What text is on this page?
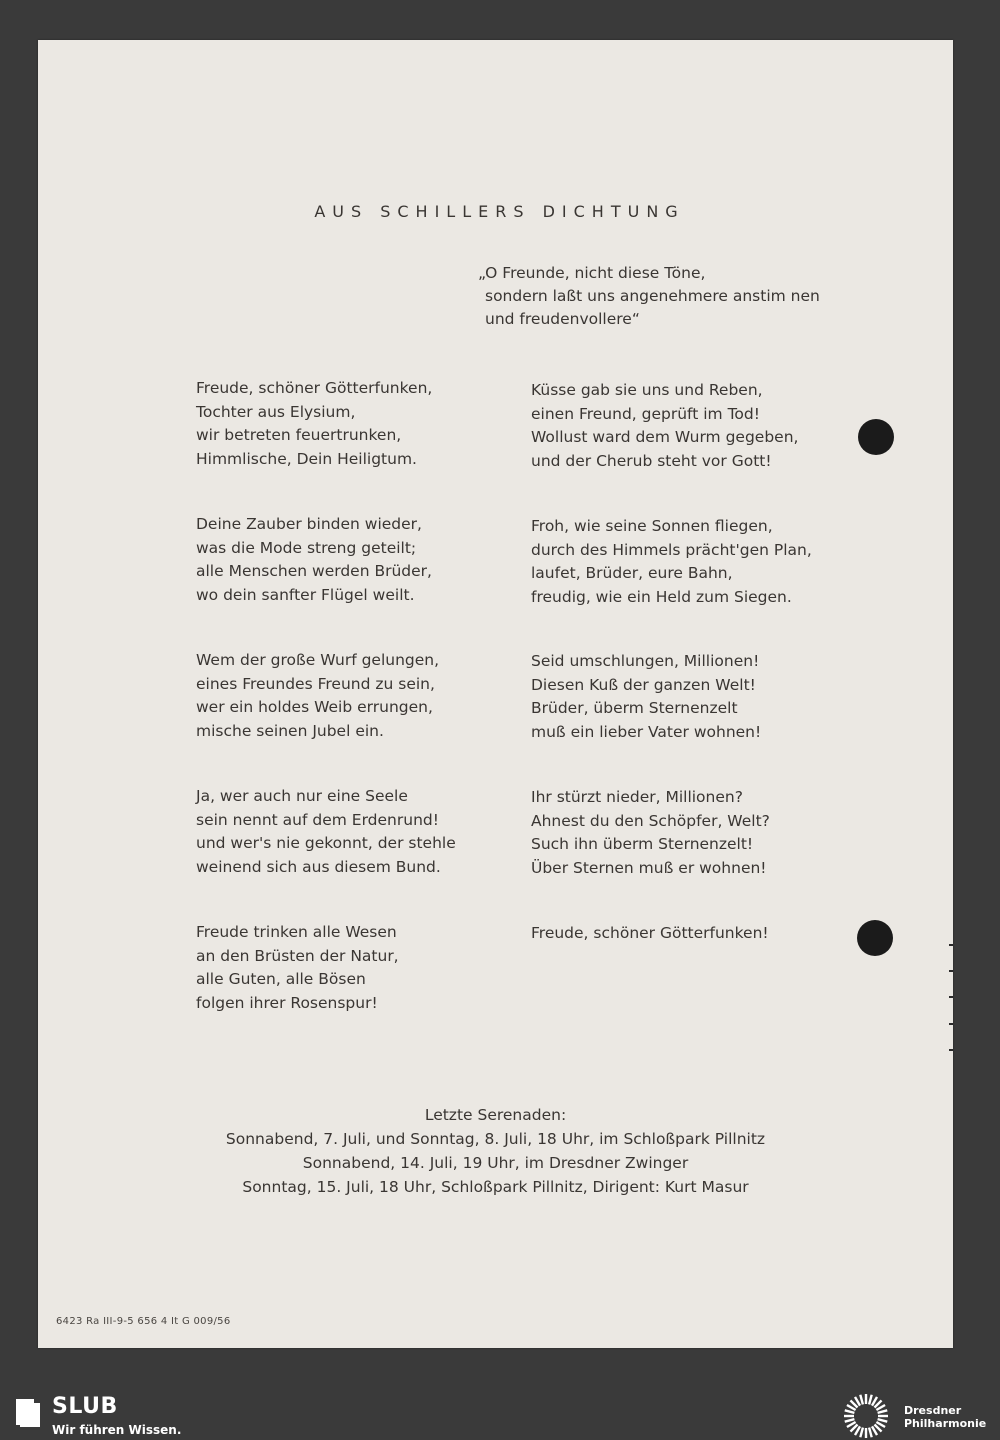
AUS SCHILLERS DICHTUNG
„O Freunde, nicht diese Töne,
sondern laßt uns angenehmere anstim nen
und freudenvollere“
Freude, schöner Götterfunken,
Tochter aus Elysium,
wir betreten feuertrunken,
Himmlische, Dein Heiligtum.
Deine Zauber binden wieder,
was die Mode streng geteilt;
alle Menschen werden Brüder,
wo dein sanfter Flügel weilt.
Wem der große Wurf gelungen,
eines Freundes Freund zu sein,
wer ein holdes Weib errungen,
mische seinen Jubel ein.
Ja, wer auch nur eine Seele
sein nennt auf dem Erdenrund!
und wer's nie gekonnt, der stehle
weinend sich aus diesem Bund.
Freude trinken alle Wesen
an den Brüsten der Natur,
alle Guten, alle Bösen
folgen ihrer Rosenspur!
Küsse gab sie uns und Reben,
einen Freund, geprüft im Tod!
Wollust ward dem Wurm gegeben,
und der Cherub steht vor Gott!
Froh, wie seine Sonnen fliegen,
durch des Himmels prächt'gen Plan,
laufet, Brüder, eure Bahn,
freudig, wie ein Held zum Siegen.
Seid umschlungen, Millionen!
Diesen Kuß der ganzen Welt!
Brüder, überm Sternenzelt
muß ein lieber Vater wohnen!
Ihr stürzt nieder, Millionen?
Ahnest du den Schöpfer, Welt?
Such ihn überm Sternenzelt!
Über Sternen muß er wohnen!
Freude, schöner Götterfunken!
Letzte Serenaden:
Sonnabend, 7. Juli, und Sonntag, 8. Juli, 18 Uhr, im Schloßpark Pillnitz
Sonnabend, 14. Juli, 19 Uhr, im Dresdner Zwinger
Sonntag, 15. Juli, 18 Uhr, Schloßpark Pillnitz, Dirigent: Kurt Masur
6423 Ra III-9-5 656 4 It G 009/56
SLUB
Wir führen Wissen.
Dresdner
Philharmonie
